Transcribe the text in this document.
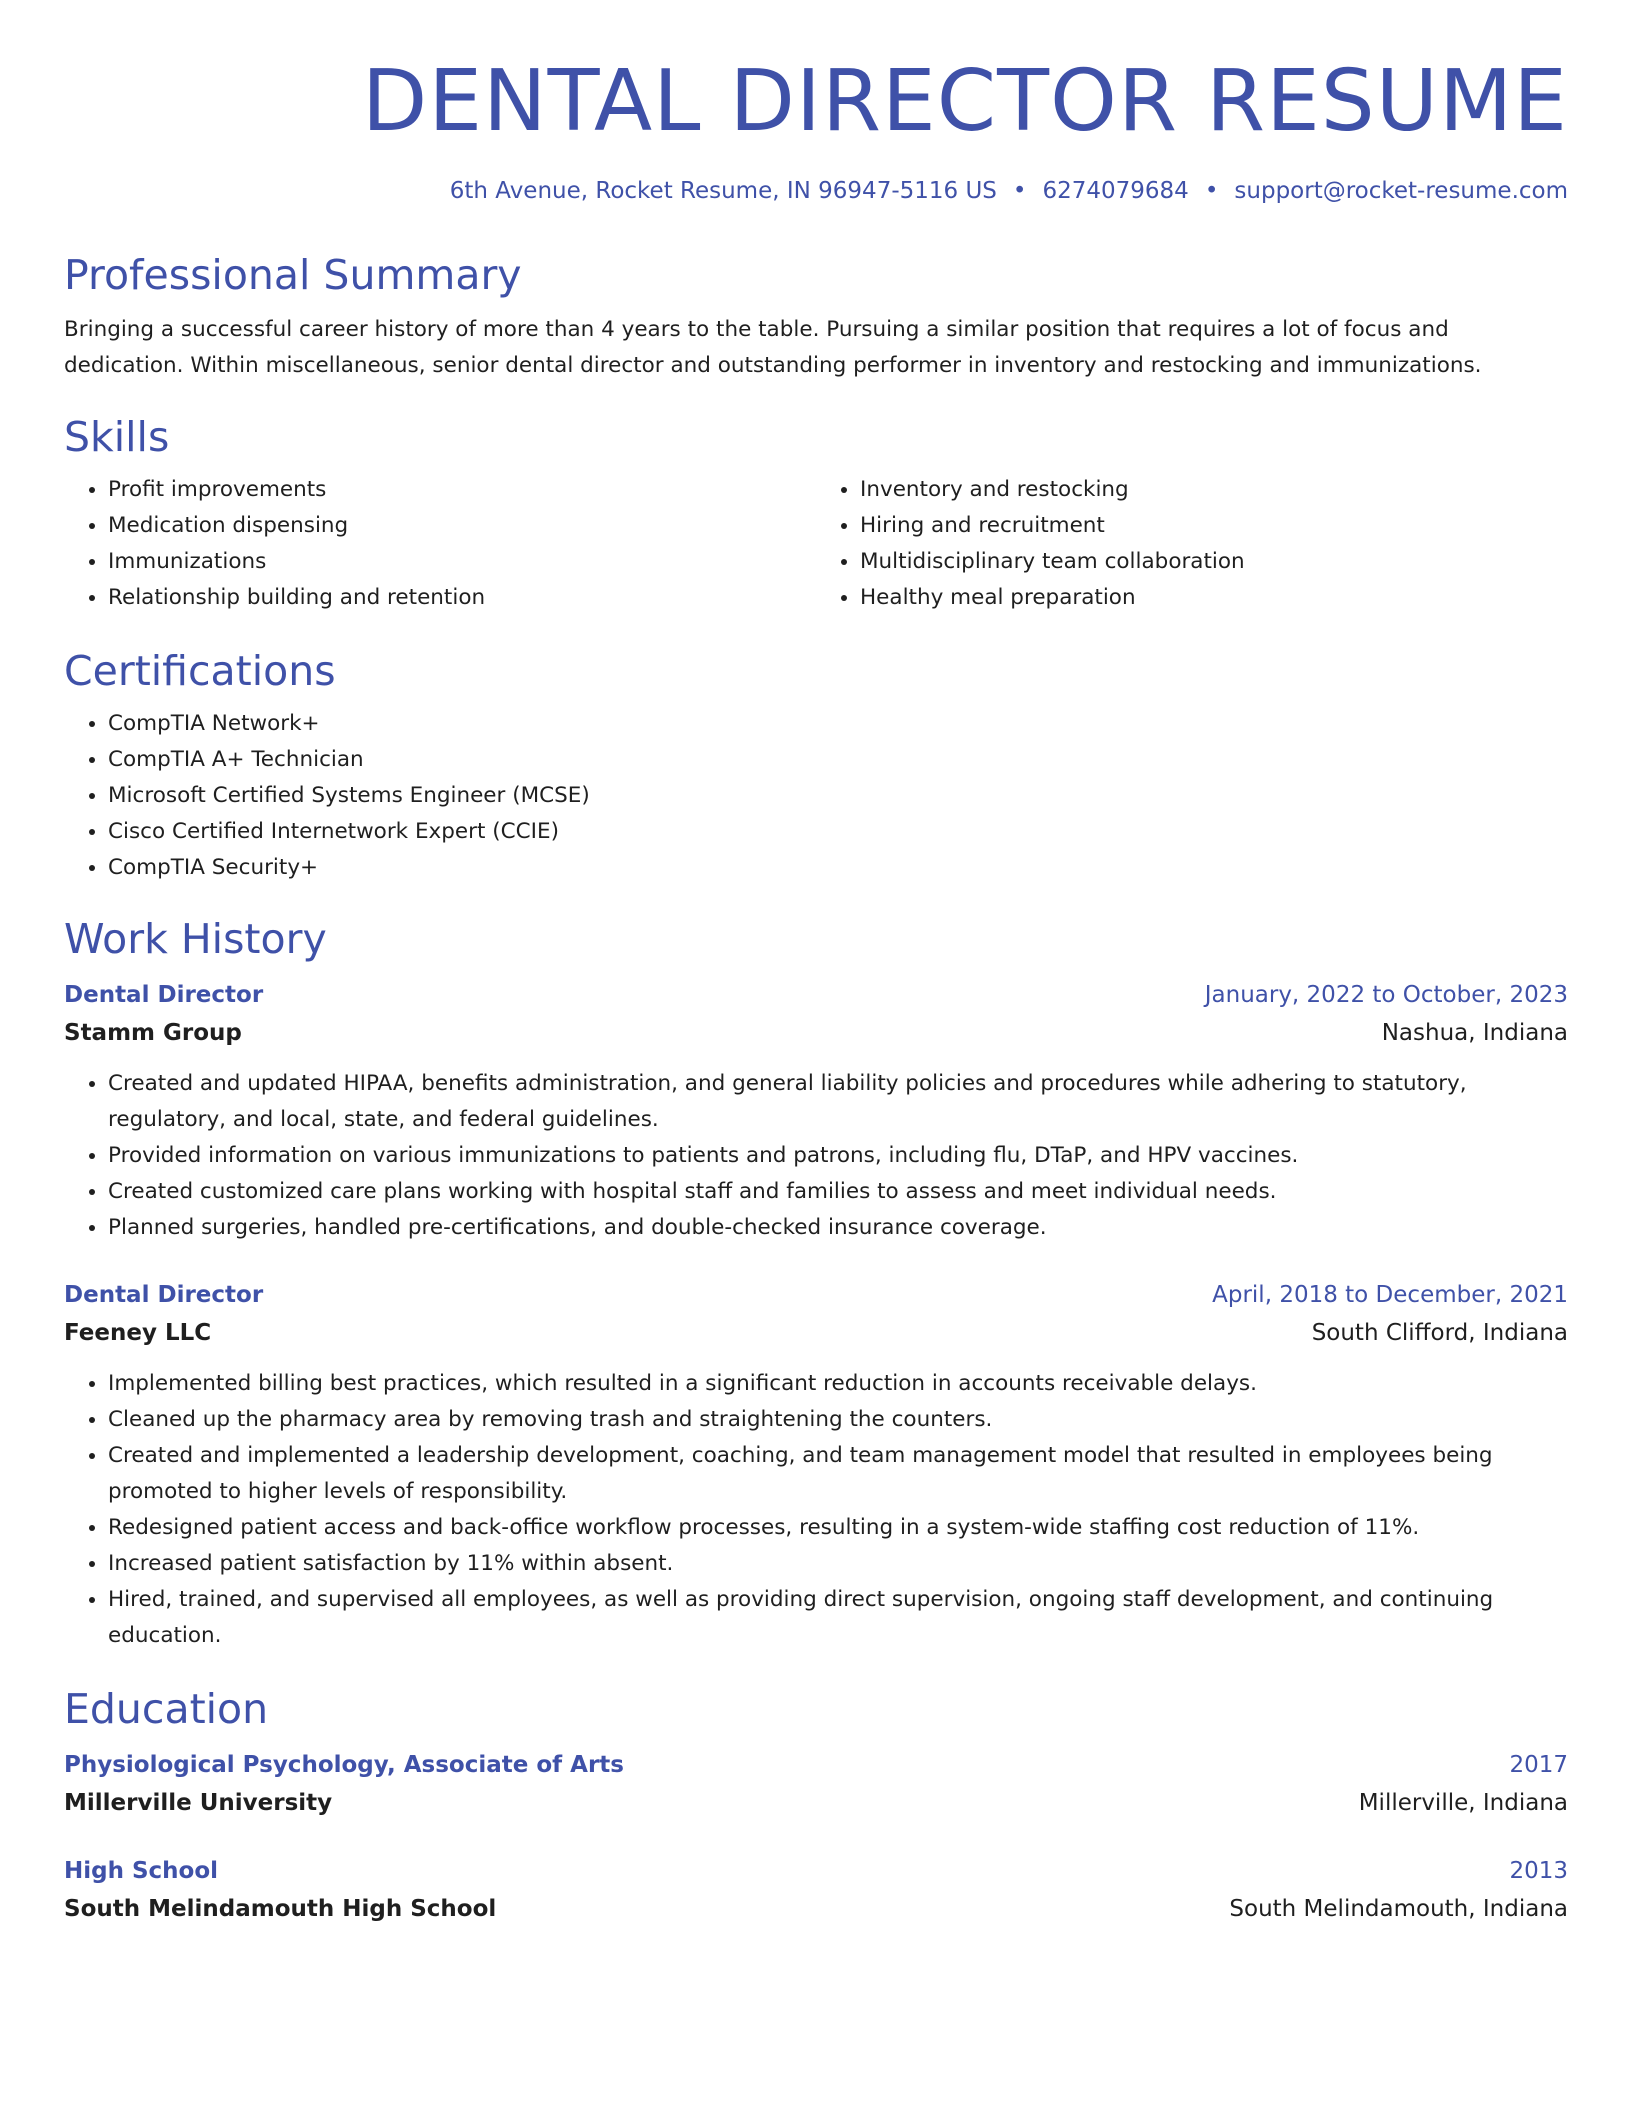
DENTAL DIRECTOR RESUME
6th Avenue, Rocket Resume, IN 96947-5116 US • 6274079684 • support@rocket-resume.com
Professional Summary

Bringing a successful career history of more than 4 years to the table. Pursuing a similar position that requires a lot of focus and dedication. Within miscellaneous, senior dental director and outstanding performer in inventory and restocking and immunizations.

Skills
• Profit improvements
• Medication dispensing
• Immunizations
• Relationship building and retention
• Inventory and restocking
• Hiring and recruitment
• Multidisciplinary team collaboration
• Healthy meal preparation
Certifications
• CompTIA Network+
• CompTIA A+ Technician
• Microsoft Certified Systems Engineer (MCSE)
• Cisco Certified Internetwork Expert (CCIE)
• CompTIA Security+
Work History
Dental Director	January, 2022 to October, 2023
Stamm Group	Nashua, Indiana
• Created and updated HIPAA, benefits administration, and general liability policies and procedures while adhering to statutory, regulatory, and local, state, and federal guidelines.
• Provided information on various immunizations to patients and patrons, including flu, DTaP, and HPV vaccines.
• Created customized care plans working with hospital staff and families to assess and meet individual needs.
• Planned surgeries, handled pre-certifications, and double-checked insurance coverage.
Dental Director	April, 2018 to December, 2021
Feeney LLC	South Clifford, Indiana
• Implemented billing best practices, which resulted in a significant reduction in accounts receivable delays.
• Cleaned up the pharmacy area by removing trash and straightening the counters.
• Created and implemented a leadership development, coaching, and team management model that resulted in employees being promoted to higher levels of responsibility.
• Redesigned patient access and back-office workflow processes, resulting in a system-wide staffing cost reduction of 11%.
• Increased patient satisfaction by 11% within absent.
• Hired, trained, and supervised all employees, as well as providing direct supervision, ongoing staff development, and continuing education.
Education
Physiological Psychology, Associate of Arts	2017
Millerville University	Millerville, Indiana
High School	2013
South Melindamouth High School	South Melindamouth, Indiana
